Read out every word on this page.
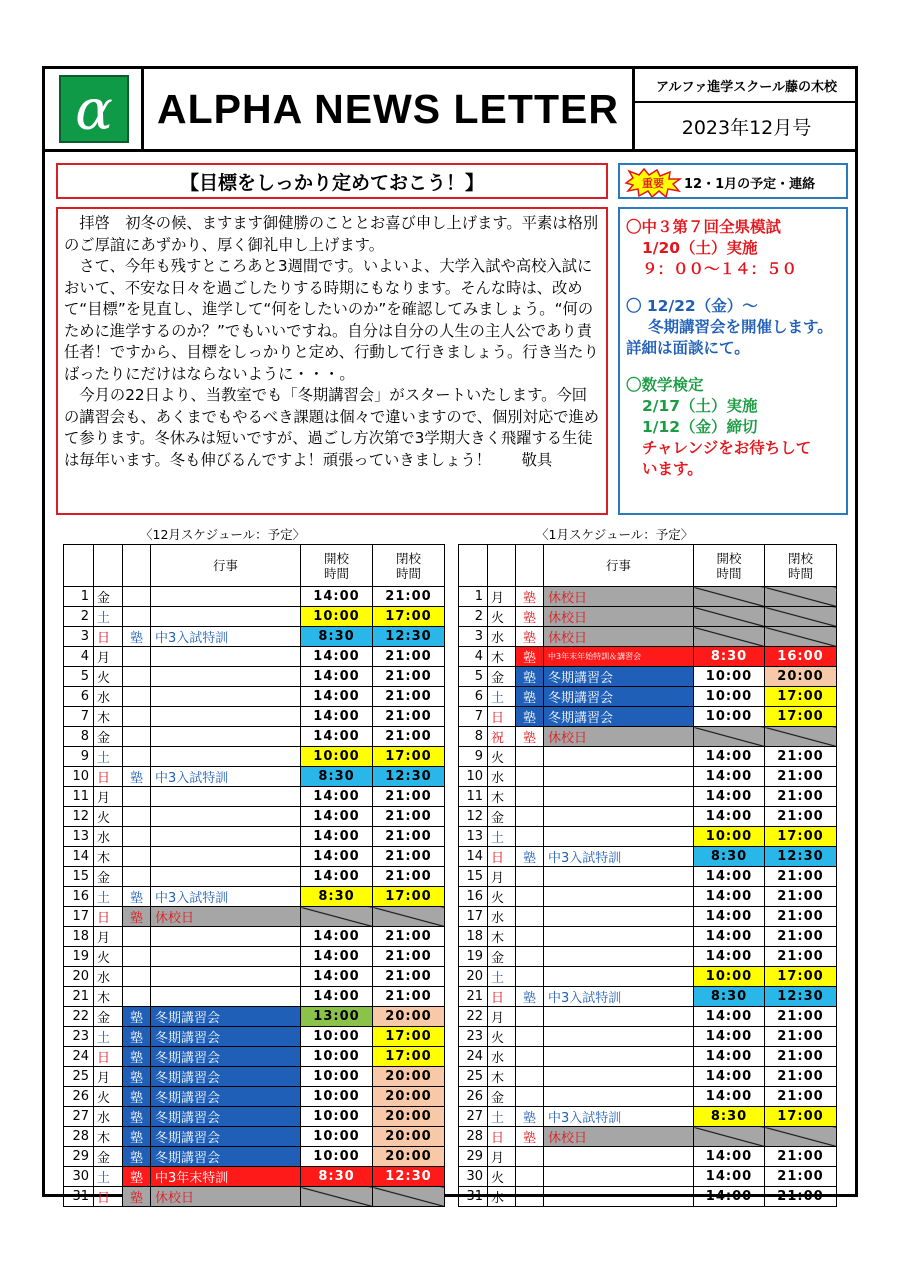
α	ALPHA NEWS LETTER	アルファ進学スクール藤の木校
2023年12月号
【目標をしっかり定めておこう！】

　拝啓　初冬の候、ますます御健勝のこととお喜び申し上げます。平素は格別のご厚誼にあずかり、厚く御礼申し上げます。

　さて、今年も残すところあと3週間です。いよいよ、大学入試や高校入試において、不安な日々を過ごしたりする時期にもなります。そんな時は、改めて“目標”を見直し、進学して“何をしたいのか”を確認してみましょう。“何のために進学するのか？”でもいいですね。自分は自分の人生の主人公であり責任者！ですから、目標をしっかりと定め、行動して行きましょう。行き当たりばったりにだけはならないように・・・。

　今月の22日より、当教室でも「冬期講習会」がスタートいたします。今回の講習会も、あくまでもやるべき課題は個々で違いますので、個別対応で進めて参ります。冬休みは短いですが、過ごし方次第で3学期大きく飛躍する生徒は毎年います。冬も伸びるんですよ！頑張っていきましょう！　　敬具

重要 12・1月の予定・連絡
〇中３第７回全県模試
1/20（土）実施
９：００～１４：５０
〇 12/22（金）～
冬期講習会を開催します。
詳細は面談にて。
〇数学検定
2/17（土）実施
1/12（金）締切
チャレンジをお待ちして
います。
〈12月スケジュール：予定〉	〈1月スケジュール：予定〉
			行事	開校
時間	閉校
時間
1	金			14:00	21:00
2	土			10:00	17:00
3	日	塾	中3入試特訓	8:30	12:30
4	月			14:00	21:00
5	火			14:00	21:00
6	水			14:00	21:00
7	木			14:00	21:00
8	金			14:00	21:00
9	土			10:00	17:00
10	日	塾	中3入試特訓	8:30	12:30
11	月			14:00	21:00
12	火			14:00	21:00
13	水			14:00	21:00
14	木			14:00	21:00
15	金			14:00	21:00
16	土	塾	中3入試特訓	8:30	17:00
17	日	塾	休校日		
18	月			14:00	21:00
19	火			14:00	21:00
20	水			14:00	21:00
21	木			14:00	21:00
22	金	塾	冬期講習会	13:00	20:00
23	土	塾	冬期講習会	10:00	17:00
24	日	塾	冬期講習会	10:00	17:00
25	月	塾	冬期講習会	10:00	20:00
26	火	塾	冬期講習会	10:00	20:00
27	水	塾	冬期講習会	10:00	20:00
28	木	塾	冬期講習会	10:00	20:00
29	金	塾	冬期講習会	10:00	20:00
30	土	塾	中3年末特訓	8:30	12:30
31	日	塾	休校日		
			行事	開校
時間	閉校
時間
1	月	塾	休校日		
2	火	塾	休校日		
3	水	塾	休校日		
4	木	塾	中3年末年始特訓＆講習会	8:30	16:00
5	金	塾	冬期講習会	10:00	20:00
6	土	塾	冬期講習会	10:00	17:00
7	日	塾	冬期講習会	10:00	17:00
8	祝	塾	休校日		
9	火			14:00	21:00
10	水			14:00	21:00
11	木			14:00	21:00
12	金			14:00	21:00
13	土			10:00	17:00
14	日	塾	中3入試特訓	8:30	12:30
15	月			14:00	21:00
16	火			14:00	21:00
17	水			14:00	21:00
18	木			14:00	21:00
19	金			14:00	21:00
20	土			10:00	17:00
21	日	塾	中3入試特訓	8:30	12:30
22	月			14:00	21:00
23	火			14:00	21:00
24	水			14:00	21:00
25	木			14:00	21:00
26	金			14:00	21:00
27	土	塾	中3入試特訓	8:30	17:00
28	日	塾	休校日		
29	月			14:00	21:00
30	火			14:00	21:00
31	水			14:00	21:00
